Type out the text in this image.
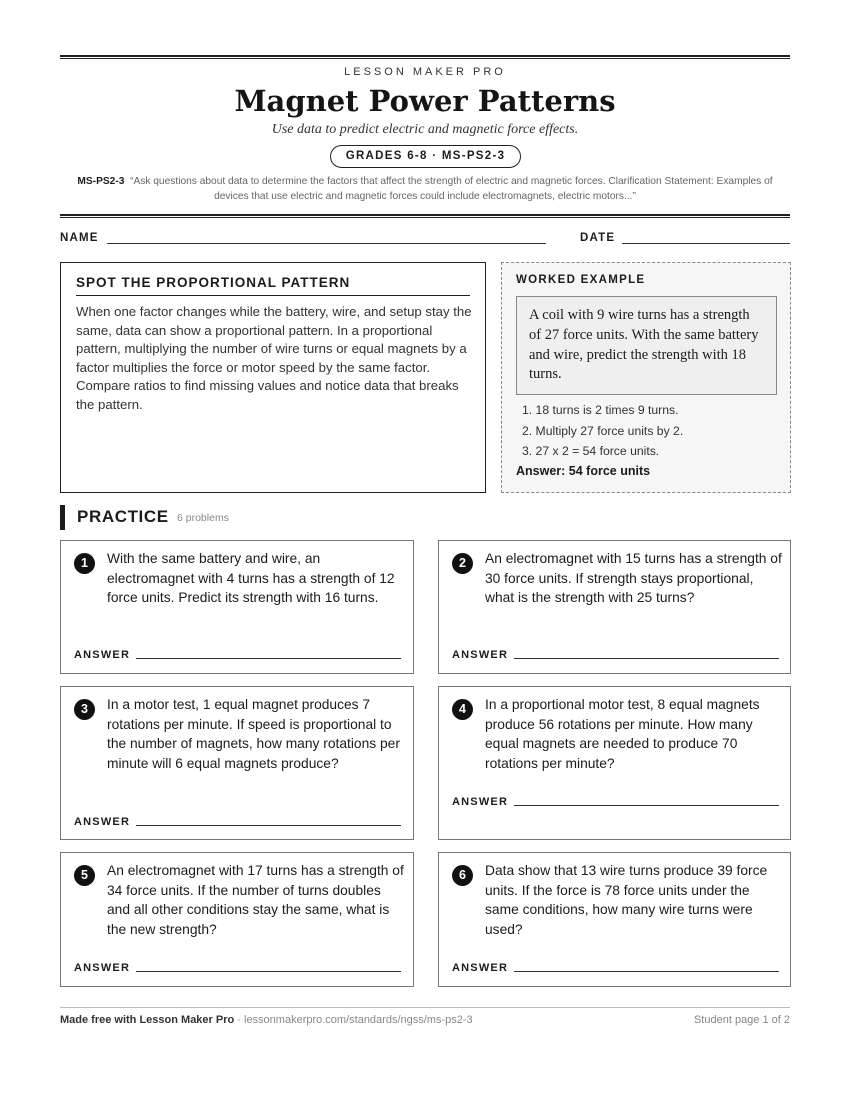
LESSON MAKER PRO
Magnet Power Patterns
Use data to predict electric and magnetic force effects.
GRADES 6-8 · MS-PS2-3
MS-PS2-3 “Ask questions about data to determine the factors that affect the strength of electric and magnetic forces. Clarification Statement: Examples of devices that use electric and magnetic forces could include electromagnets, electric motors...”
NAME	DATE
SPOT THE PROPORTIONAL PATTERN
When one factor changes while the battery, wire, and setup stay the same, data can show a proportional pattern. In a proportional pattern, multiplying the number of wire turns or equal magnets by a factor multiplies the force or motor speed by the same factor. Compare ratios to find missing values and notice data that breaks the pattern.
WORKED EXAMPLE
A coil with 9 wire turns has a strength of 27 force units. With the same battery and wire, predict the strength with 18 turns.
1. 18 turns is 2 times 9 turns.
2. Multiply 27 force units by 2.
3. 27 x 2 = 54 force units.
Answer: 54 force units
PRACTICE 6 problems
1	With the same battery and wire, an electromagnet with 4 turns has a strength of 12 force units. Predict its strength with 16 turns.
ANSWER
2	An electromagnet with 15 turns has a strength of 30 force units. If strength stays proportional, what is the strength with 25 turns?
ANSWER
3	In a motor test, 1 equal magnet produces 7 rotations per minute. If speed is proportional to the number of magnets, how many rotations per minute will 6 equal magnets produce?
ANSWER
4	In a proportional motor test, 8 equal magnets produce 56 rotations per minute. How many equal magnets are needed to produce 70 rotations per minute?
ANSWER
5	An electromagnet with 17 turns has a strength of 34 force units. If the number of turns doubles and all other conditions stay the same, what is the new strength?
ANSWER
6	Data show that 13 wire turns produce 39 force units. If the force is 78 force units under the same conditions, how many wire turns were used?
ANSWER
Made free with Lesson Maker Pro · lessonmakerpro.com/standards/ngss/ms-ps2-3	Student page 1 of 2
